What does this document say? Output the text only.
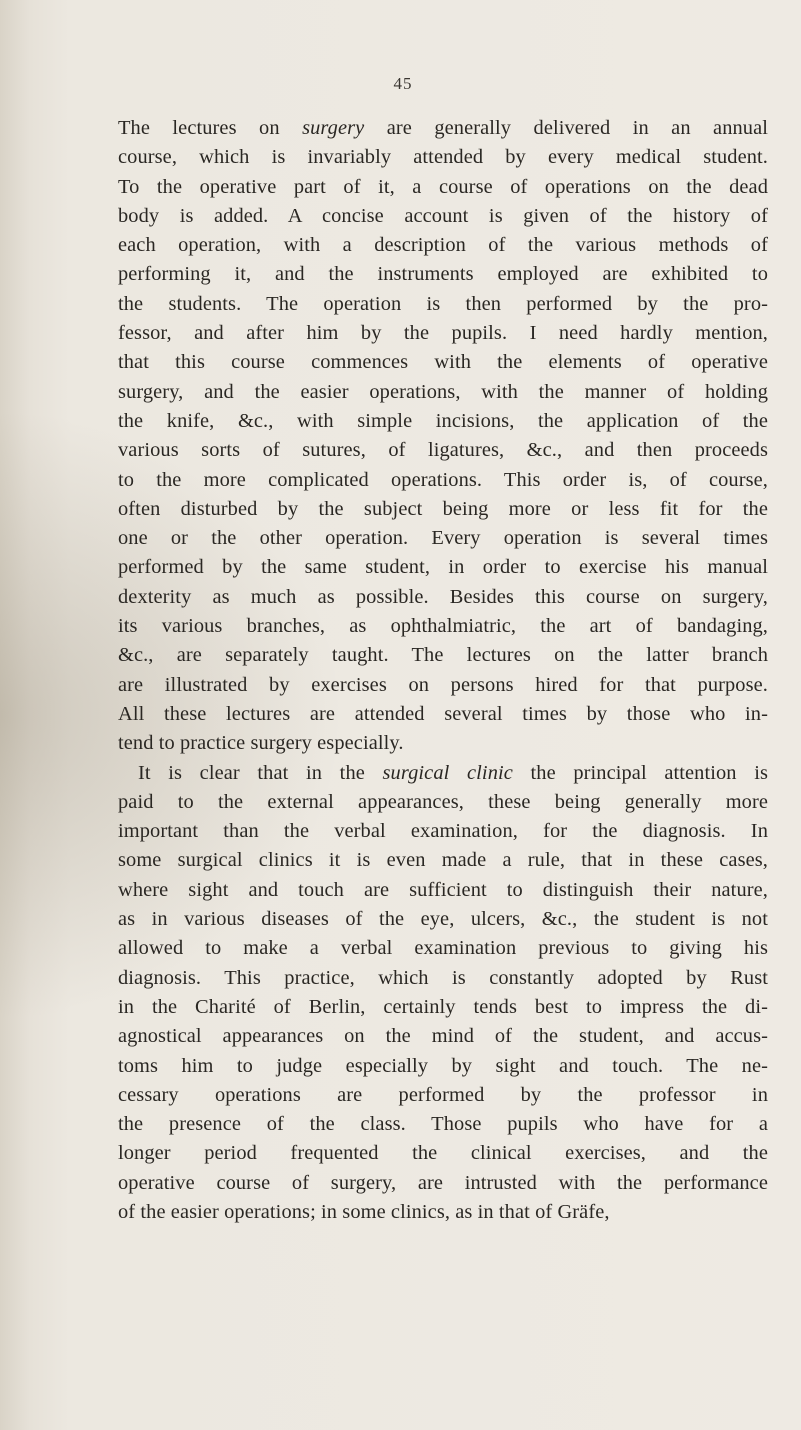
45
The lectures on surgery are generally delivered in an annual
course, which is invariably attended by every medical student.
To the operative part of it, a course of operations on the dead
body is added. A concise account is given of the history of
each operation, with a description of the various methods of
performing it, and the instruments employed are exhibited to
the students. The operation is then performed by the pro-
fessor, and after him by the pupils. I need hardly mention,
that this course commences with the elements of operative
surgery, and the easier operations, with the manner of holding
the knife, &c., with simple incisions, the application of the
various sorts of sutures, of ligatures, &c., and then proceeds
to the more complicated operations. This order is, of course,
often disturbed by the subject being more or less fit for the
one or the other operation. Every operation is several times
performed by the same student, in order to exercise his manual
dexterity as much as possible. Besides this course on surgery,
its various branches, as ophthalmiatric, the art of bandaging,
&c., are separately taught. The lectures on the latter branch
are illustrated by exercises on persons hired for that purpose.
All these lectures are attended several times by those who in-
tend to practice surgery especially.
It is clear that in the surgical clinic the principal attention is
paid to the external appearances, these being generally more
important than the verbal examination, for the diagnosis. In
some surgical clinics it is even made a rule, that in these cases,
where sight and touch are sufficient to distinguish their nature,
as in various diseases of the eye, ulcers, &c., the student is not
allowed to make a verbal examination previous to giving his
diagnosis. This practice, which is constantly adopted by Rust
in the Charité of Berlin, certainly tends best to impress the di-
agnostical appearances on the mind of the student, and accus-
toms him to judge especially by sight and touch. The ne-
cessary operations are performed by the professor in
the presence of the class. Those pupils who have for a
longer period frequented the clinical exercises, and the
operative course of surgery, are intrusted with the performance
of the easier operations; in some clinics, as in that of Gräfe,
